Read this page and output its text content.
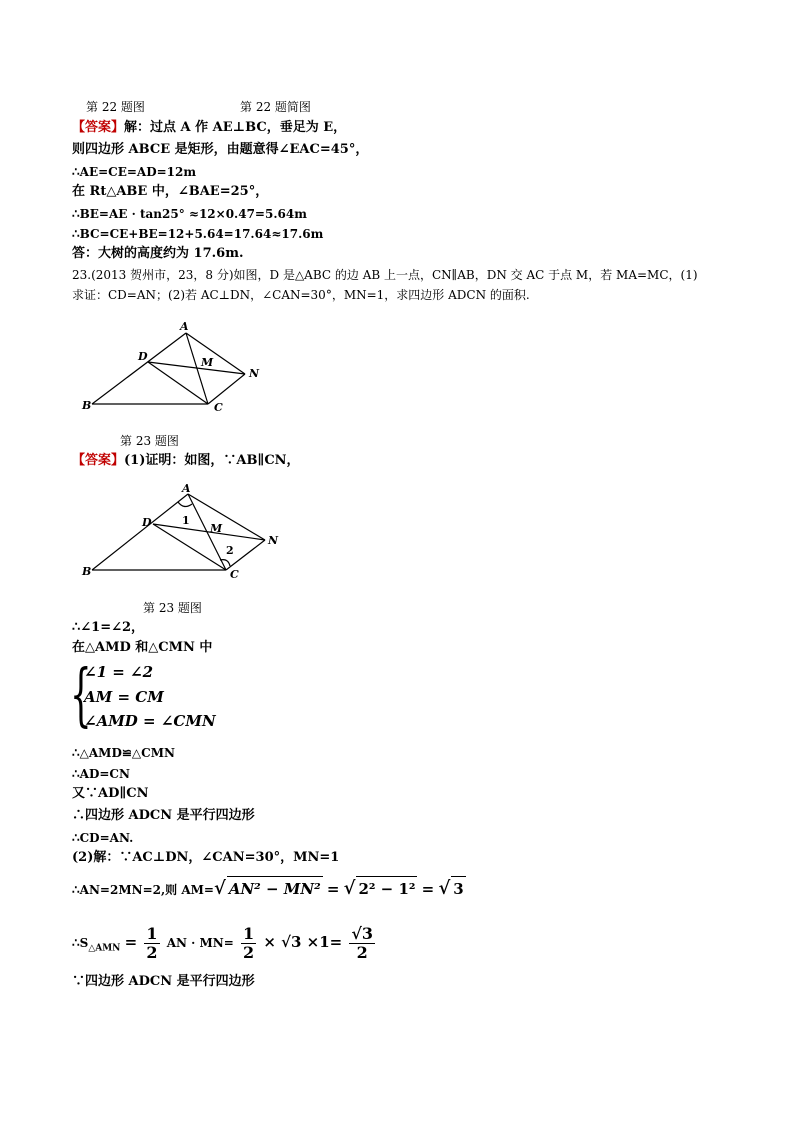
第 22 题图	第 22 题简图
【答案】解：过点 A 作 AE⊥BC，垂足为 E，
则四边形 ABCE 是矩形，由题意得∠EAC=45°，
∴AE=CE=AD=12m
在 Rt△ABE 中，∠BAE=25°，
∴BE=AE · tan25° ≈12×0.47=5.64m
∴BC=CE+BE=12+5.64=17.64≈17.6m
答：大树的高度约为 17.6m.
23.(2013 贺州市，23，8 分)如图，D 是△ABC 的边 AB 上一点，CN∥AB，DN 交 AC 于点 M，若 MA=MC，(1)
求证：CD=AN；(2)若 AC⊥DN，∠CAN=30°，MN=1，求四边形 ADCN 的面积.
A
B	C
D	M
N
第 23 题图
【答案】(1)证明：如图，∵AB∥CN，
A
B	C
D	M
N
1
2
第 23 题图
∴∠1=∠2，
在△AMD 和△CMN 中
{
∠1 = ∠2
AM = CM
∠AMD = ∠CMN
∴△AMD≌△CMN
∴AD=CN
又∵AD∥CN
∴四边形 ADCN 是平行四边形
∴CD=AN.
(2)解：∵AC⊥DN，∠CAN=30°，MN=1
∴AN=2MN=2,则 AM=√ AN² − MN² = √ 2² − 1² = √ 3
$\therefore S_{\triangle AMN} = \frac{1}{2}$ AN · $MN= \frac{1}{2} \times √3 \times 1= \frac{√3}{2}$
∵四边形 ADCN 是平行四边形
